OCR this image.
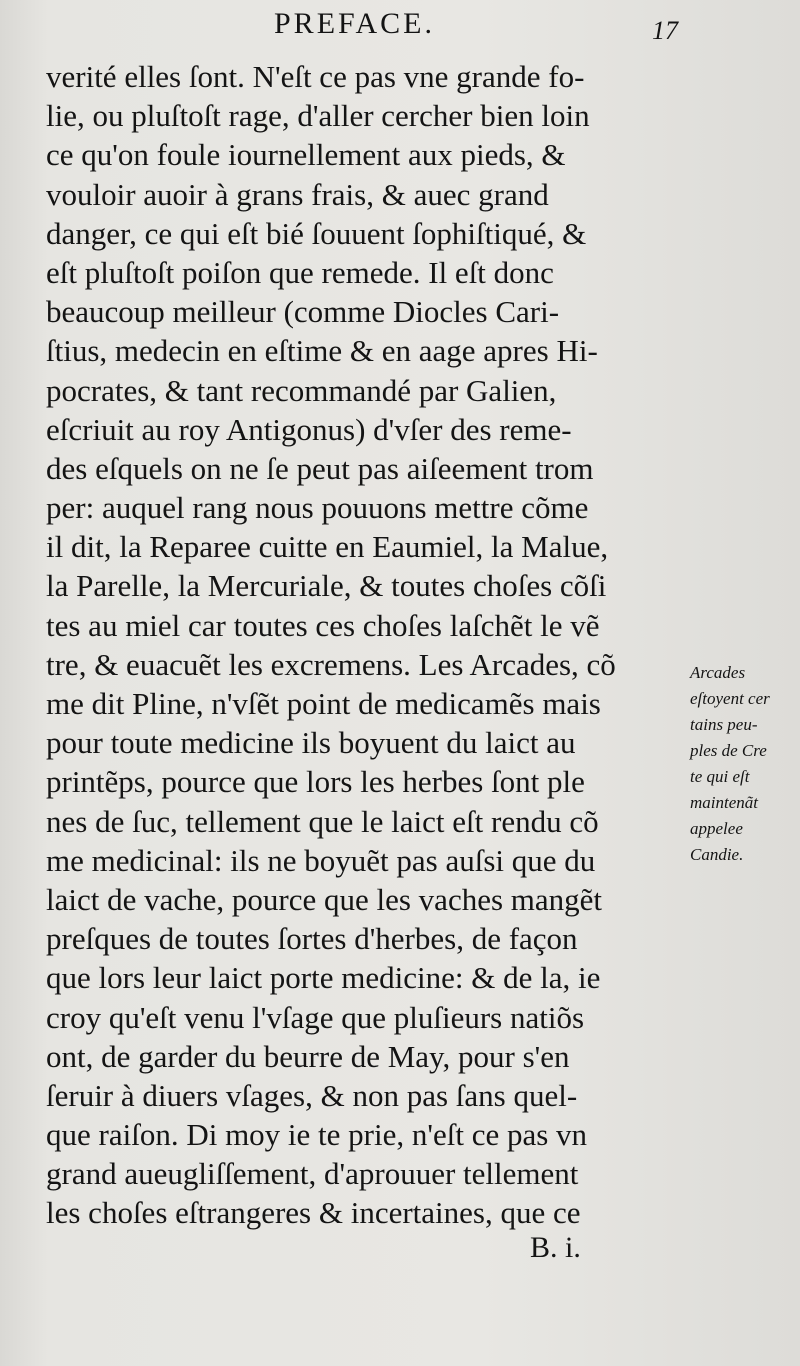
PREFACE.	17
verité elles ſont. N'eſt ce pas vne grande fo-
lie, ou pluſtoſt rage, d'aller cercher bien loin
ce qu'on foule iournellement aux pieds, &
vouloir auoir à grans frais, & auec grand
danger, ce qui eſt bié ſouuent ſophiſtiqué, &
eſt pluſtoſt poiſon que remede. Il eſt donc
beaucoup meilleur (comme Diocles Cari-
ſtius, medecin en eſtime & en aage apres Hi-
pocrates, & tant recommandé par Galien,
eſcriuit au roy Antigonus) d'vſer des reme-
des eſquels on ne ſe peut pas aiſeement trom
per: auquel rang nous pouuons mettre cõme
il dit, la Reparee cuitte en Eaumiel, la Malue,
la Parelle, la Mercuriale, & toutes choſes cõſi
tes au miel car toutes ces choſes laſchẽt le vẽ
tre, & euacuẽt les excremens. Les Arcades, cõ
me dit Pline, n'vſẽt point de medicamẽs mais
pour toute medicine ils boyuent du laict au
printẽps, pource que lors les herbes ſont ple
nes de ſuc, tellement que le laict eſt rendu cõ
me medicinal: ils ne boyuẽt pas auſsi que du
laict de vache, pource que les vaches mangẽt
preſques de toutes ſortes d'herbes, de façon
que lors leur laict porte medicine: & de la, ie
croy qu'eſt venu l'vſage que pluſieurs natiõs
ont, de garder du beurre de May, pour s'en
ſeruir à diuers vſages, & non pas ſans quel-
que raiſon. Di moy ie te prie, n'eſt ce pas vn
grand aueugliſſement, d'aprouuer tellement
les choſes eſtrangeres & incertaines, que ce
Arcades
eſtoyent cer
tains peu-
ples de Cre
te qui eſt
maintenãt
appelee
Candie.
B. i.
